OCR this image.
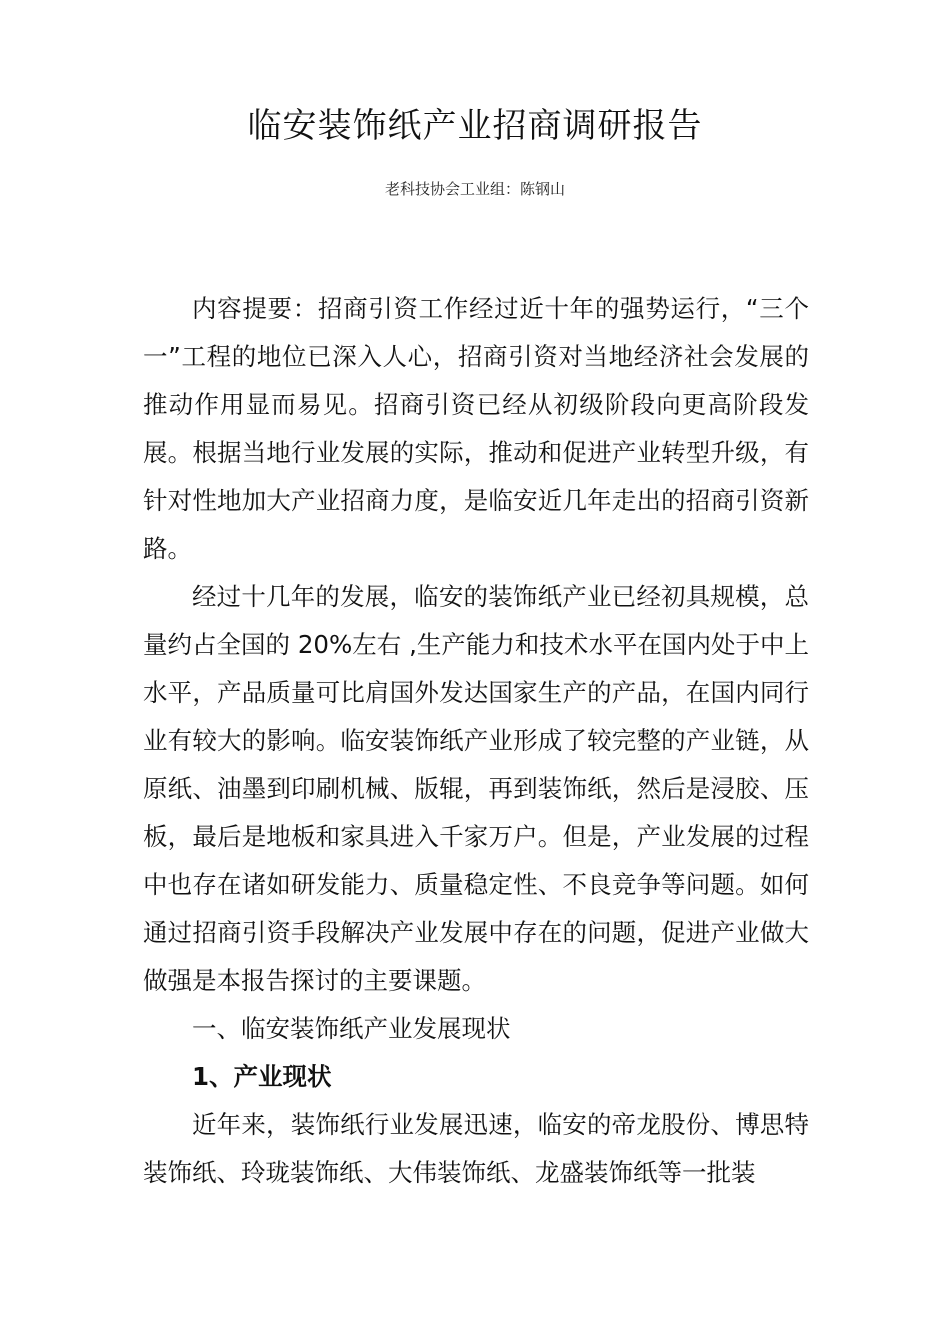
临安装饰纸产业招商调研报告
老科技协会工业组：陈钢山

内容提要：招商引资工作经过近十年的强势运行，“三个一”工程的地位已深入人心，招商引资对当地经济社会发展的推动作用显而易见。招商引资已经从初级阶段向更高阶段发展。根据当地行业发展的实际，推动和促进产业转型升级，有针对性地加大产业招商力度，是临安近几年走出的招商引资新路。

经过十几年的发展，临安的装饰纸产业已经初具规模，总量约占全国的 20%左右 ,生产能力和技术水平在国内处于中上水平，产品质量可比肩国外发达国家生产的产品，在国内同行业有较大的影响。临安装饰纸产业形成了较完整的产业链，从原纸、油墨到印刷机械、版辊，再到装饰纸，然后是浸胶、压板，最后是地板和家具进入千家万户。但是，产业发展的过程中也存在诸如研发能力、质量稳定性、不良竞争等问题。如何通过招商引资手段解决产业发展中存在的问题，促进产业做大做强是本报告探讨的主要课题。

一、临安装饰纸产业发展现状

1、产业现状

近年来，装饰纸行业发展迅速，临安的帝龙股份、博思特装饰纸、玲珑装饰纸、大伟装饰纸、龙盛装饰纸等一批装
